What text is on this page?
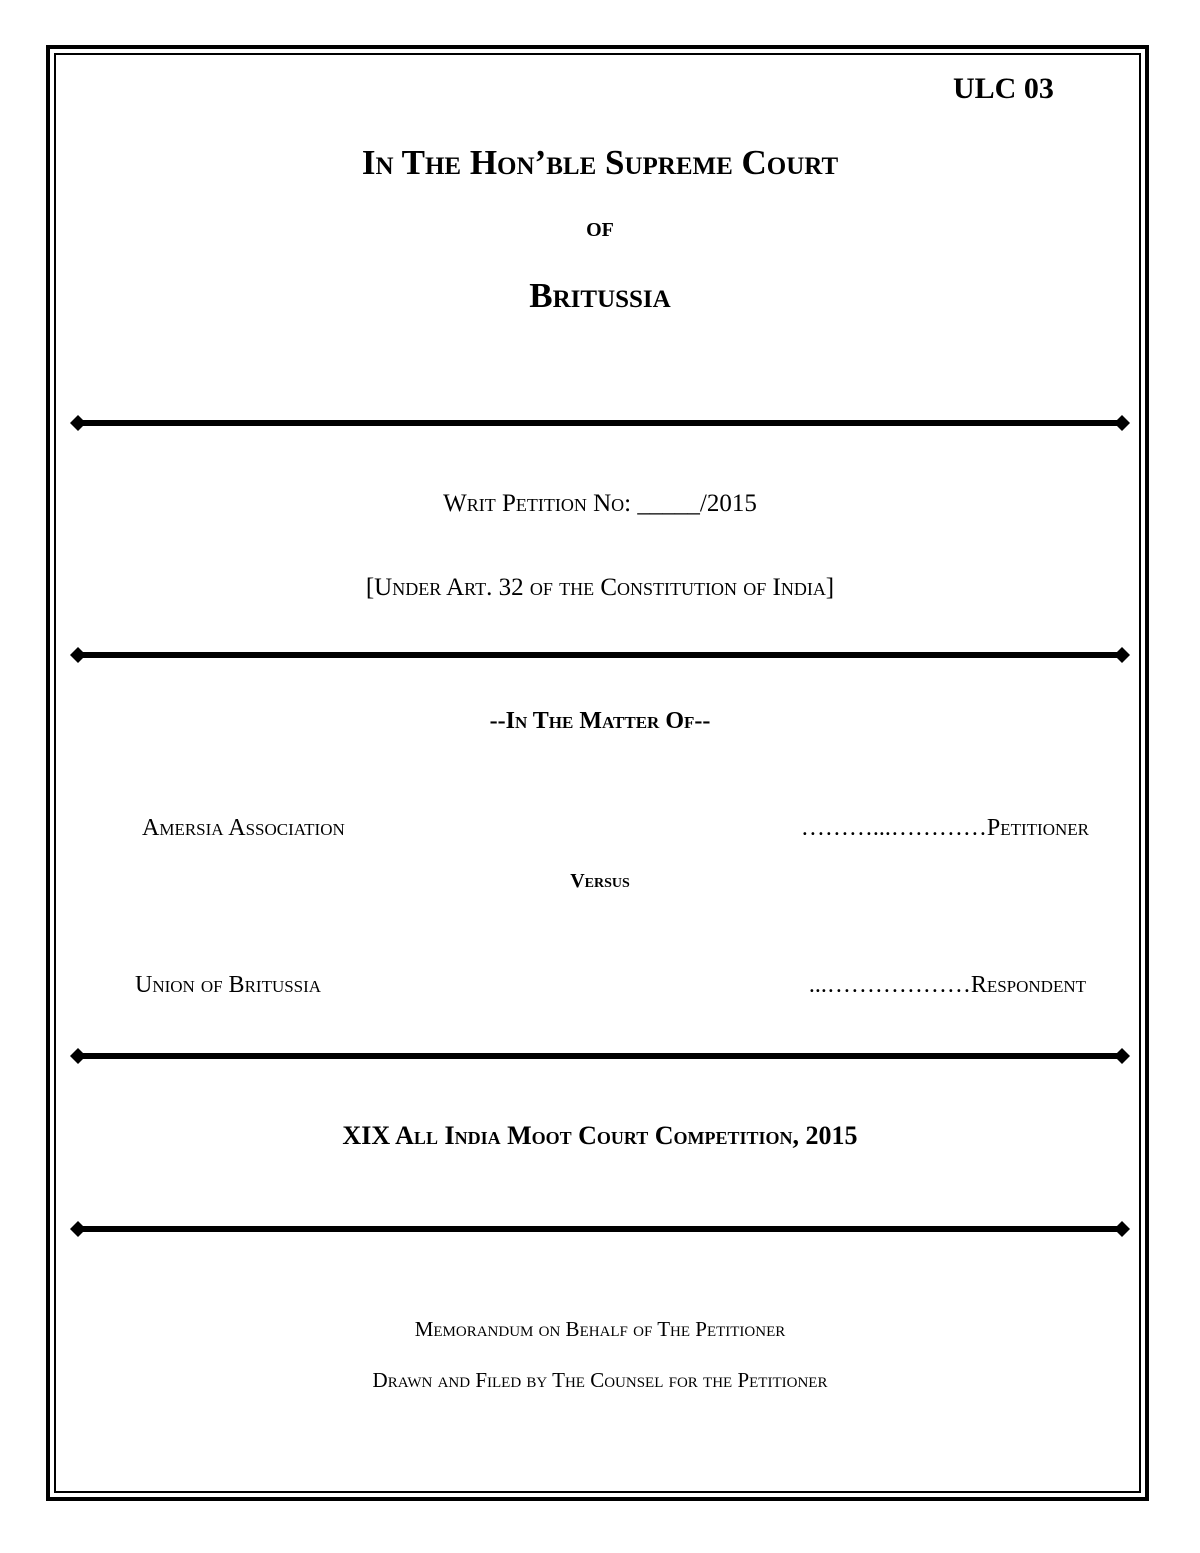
ULC 03
In The Hon’ble Supreme Court
of
Britussia
Writ Petition No: _____/2015
[Under Art. 32 of the Constitution of India]
--In The Matter Of--
Amersia Association	………...…………Petitioner
Versus
Union of Britussia	...………………Respondent
XIX All India Moot Court Competition, 2015
Memorandum on Behalf of The Petitioner
Drawn and Filed by The Counsel for the Petitioner
